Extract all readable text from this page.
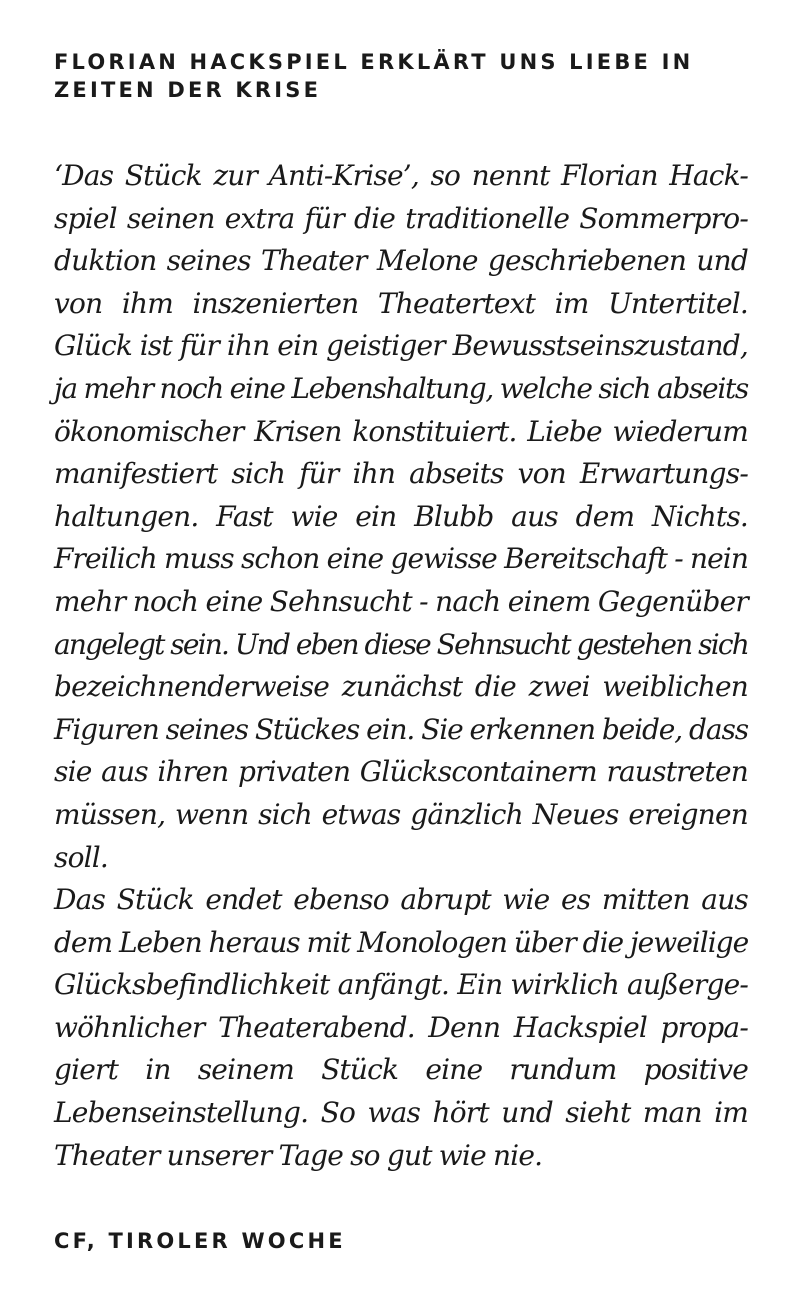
FLORIAN HACKSPIEL ERKLÄRT UNS LIEBE IN
ZEITEN DER KRISE
‘Das Stück zur Anti-Krise’, so nennt Florian Hack-
spiel seinen extra für die traditionelle Sommerpro-
duktion seines Theater Melone geschriebenen und
von ihm inszenierten Theatertext im Untertitel.
Glück ist für ihn ein geistiger Bewusstseinszustand,
ja mehr noch eine Lebenshaltung, welche sich abseits
ökonomischer Krisen konstituiert. Liebe wiederum
manifestiert sich für ihn abseits von Erwartungs-
haltungen. Fast wie ein Blubb aus dem Nichts.
Freilich muss schon eine gewisse Bereitschaft - nein
mehr noch eine Sehnsucht - nach einem Gegenüber
angelegt sein. Und eben diese Sehnsucht gestehen sich
bezeichnenderweise zunächst die zwei weiblichen
Figuren seines Stückes ein. Sie erkennen beide, dass
sie aus ihren privaten Glückscontainern raustreten
müssen, wenn sich etwas gänzlich Neues ereignen
soll.
Das Stück endet ebenso abrupt wie es mitten aus
dem Leben heraus mit Monologen über die jeweilige
Glücksbefindlichkeit anfängt. Ein wirklich außerge-
wöhnlicher Theaterabend. Denn Hackspiel propa-
giert in seinem Stück eine rundum positive
Lebenseinstellung. So was hört und sieht man im
Theater unserer Tage so gut wie nie.

CF, TIROLER WOCHE
